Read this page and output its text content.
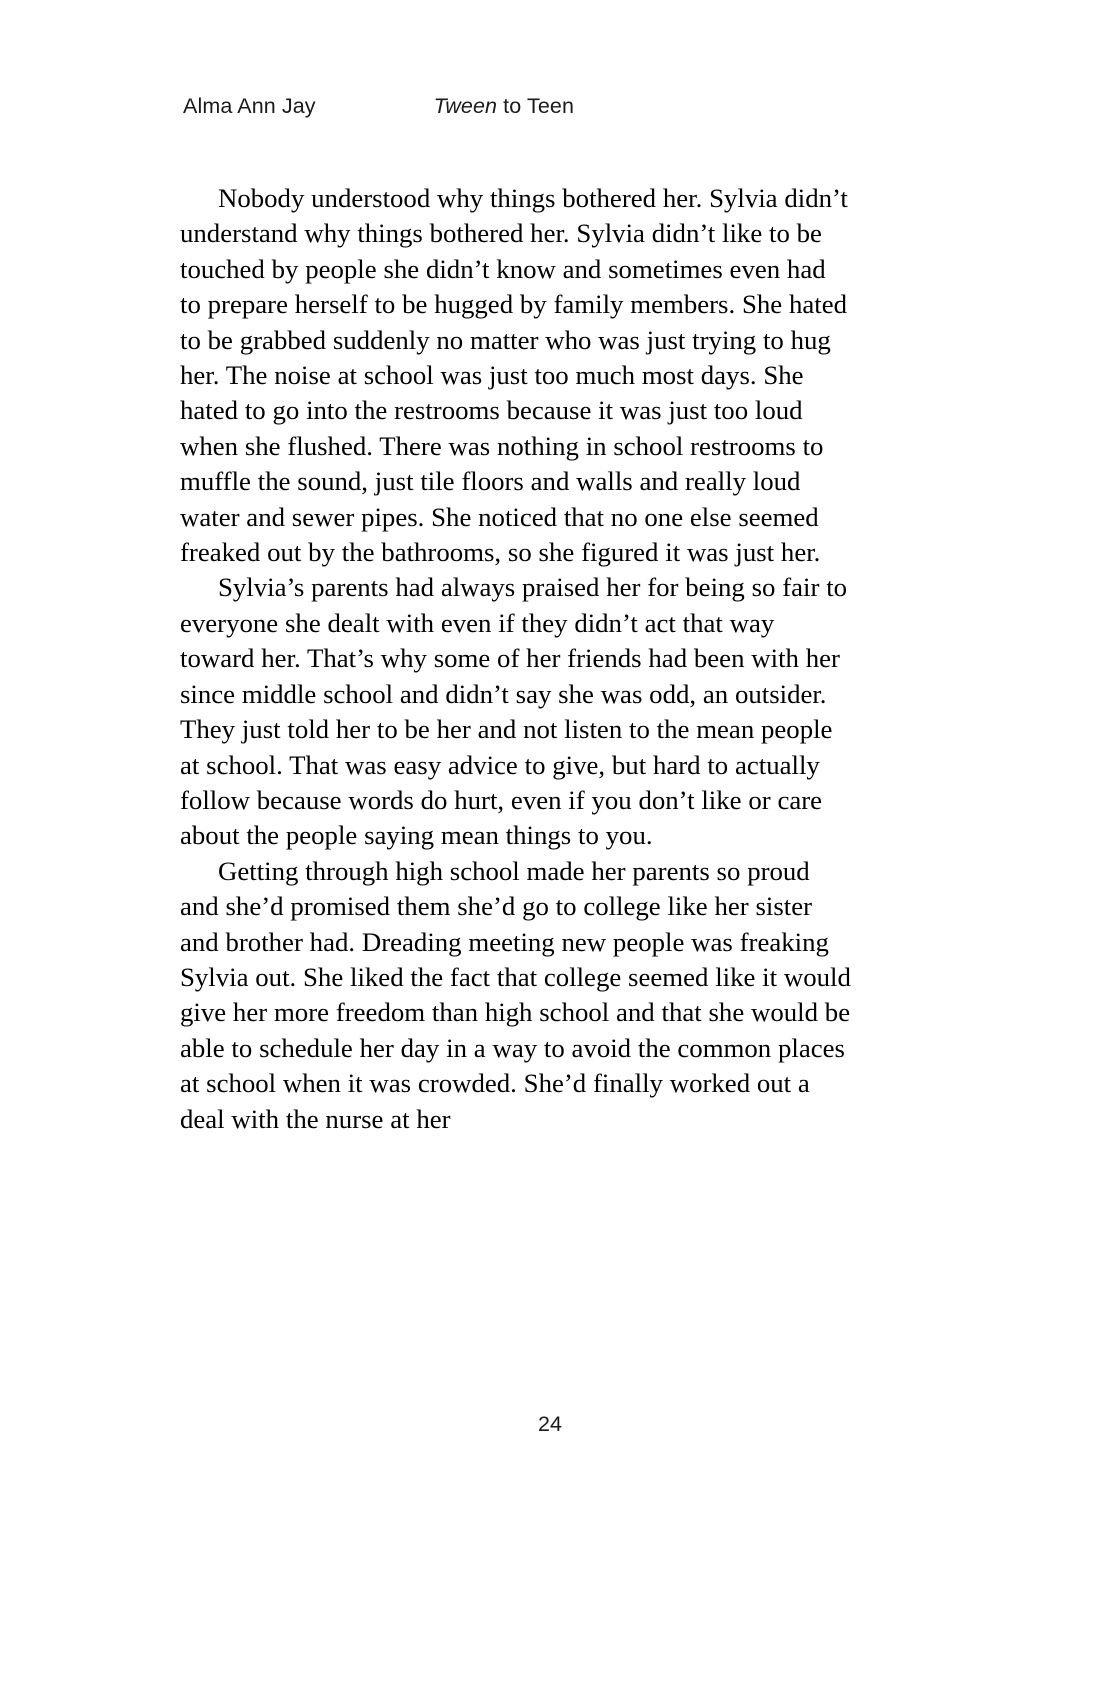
Alma Ann Jay	Tween to Teen

Nobody understood why things bothered her. Sylvia didn’t understand why things bothered her. Sylvia didn’t like to be touched by people she didn’t know and sometimes even had to prepare herself to be hugged by family members. She hated to be grabbed suddenly no matter who was just trying to hug her. The noise at school was just too much most days. She hated to go into the restrooms because it was just too loud when she flushed. There was nothing in school restrooms to muffle the sound, just tile floors and walls and really loud water and sewer pipes. She noticed that no one else seemed freaked out by the bathrooms, so she figured it was just her.

Sylvia’s parents had always praised her for being so fair to everyone she dealt with even if they didn’t act that way toward her. That’s why some of her friends had been with her since middle school and didn’t say she was odd, an outsider. They just told her to be her and not listen to the mean people at school. That was easy advice to give, but hard to actually follow because words do hurt, even if you don’t like or care about the people saying mean things to you.

Getting through high school made her parents so proud and she’d promised them she’d go to college like her sister and brother had. Dreading meeting new people was freaking Sylvia out. She liked the fact that college seemed like it would give her more freedom than high school and that she would be able to schedule her day in a way to avoid the common places at school when it was crowded. She’d finally worked out a deal with the nurse at her

24
